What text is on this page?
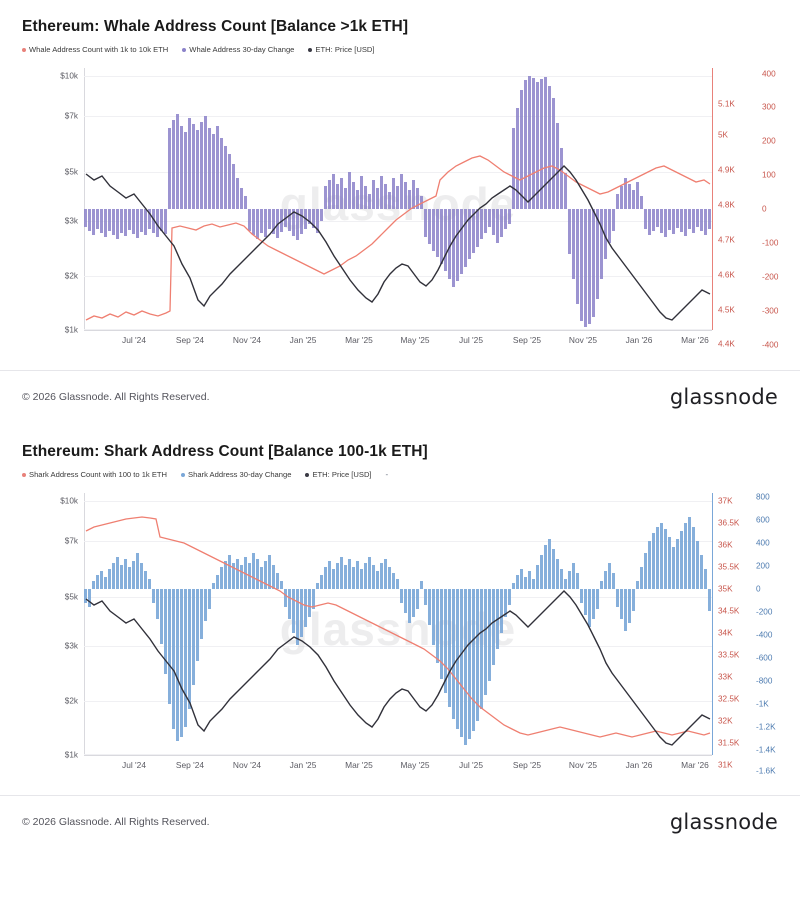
Ethereum: Whale Address Count [Balance >1k ETH]
Whale Address Count with 1k to 10k ETH	Whale Address 30-day Change	ETH: Price [USD]
$10k
$7k
$5k
$3k
$2k
$1k
5.1K
5K
4.9K
4.8K
4.7K
4.6K
4.5K
4.4K
400
300
200
100
0
-100
-200
-300
-400
Jul '24	Sep '24	Nov '24	Jan '25	Mar '25	May '25	Jul '25	Sep '25	Nov '25	Jan '26	Mar '26
© 2026 Glassnode. All Rights Reserved.	glassnode
Ethereum: Shark Address Count [Balance 100-1k ETH]
Shark Address Count with 100 to 1k ETH	Shark Address 30-day Change	ETH: Price [USD] -
$10k
$7k
$5k
$3k
$2k
$1k
37K
36.5K
36K
35.5K
35K
34.5K
34K
33.5K
33K
32.5K
32K
31.5K
31K
800
600
400
200
0
-200
-400
-600
-800
-1K
-1.2K
-1.4K
-1.6K
glassnode
Jul '24	Sep '24	Nov '24	Jan '25	Mar '25	May '25	Jul '25	Sep '25	Nov '25	Jan '26	Mar '26
© 2026 Glassnode. All Rights Reserved.	glassnode
